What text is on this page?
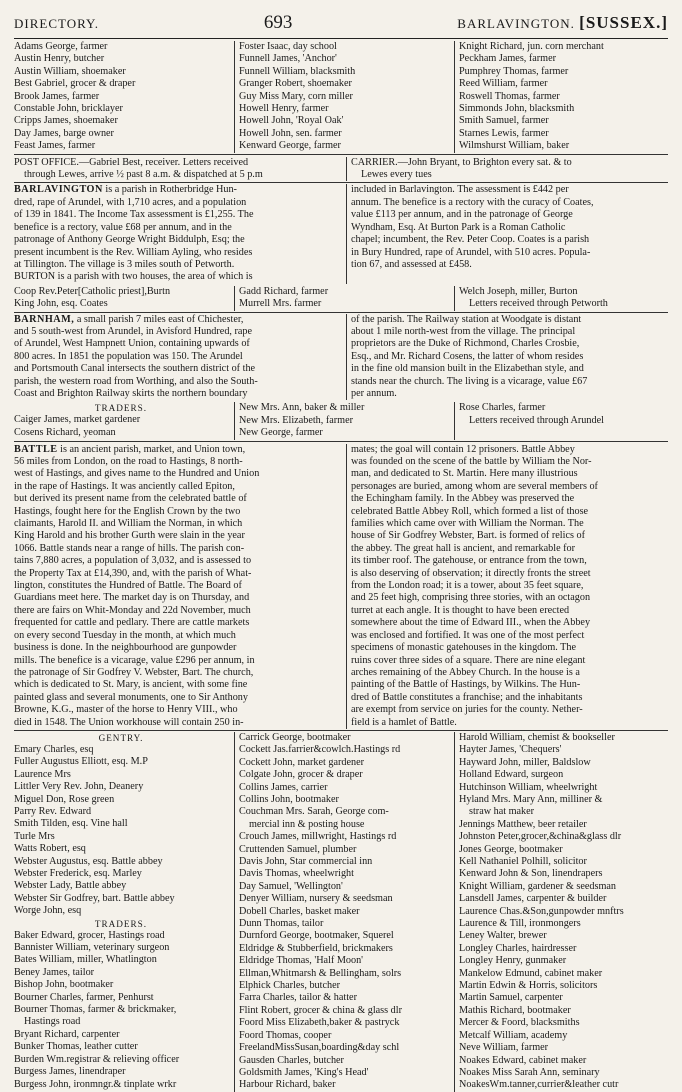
DIRECTORY.	693	BARLAVINGTON. [SUSSEX.]
Adams George, farmer
Austin Henry, butcher
Austin William, shoemaker
Best Gabriel, grocer & draper
Brook James, farmer
Constable John, bricklayer
Cripps James, shoemaker
Day James, barge owner
Feast James, farmer
Foster Isaac, day school
Funnell James, 'Anchor'
Funnell William, blacksmith
Granger Robert, shoemaker
Guy Miss Mary, corn miller
Howell Henry, farmer
Howell John, 'Royal Oak'
Howell John, sen. farmer
Kenward George, farmer
Knight Richard, jun. corn merchant
Peckham James, farmer
Pumphrey Thomas, farmer
Reed William, farmer
Roswell Thomas, farmer
Simmonds John, blacksmith
Smith Samuel, farmer
Starnes Lewis, farmer
Wilmshurst William, baker
POST OFFICE.—Gabriel Best, receiver. Letters received
through Lewes, arrive ½ past 8 a.m. & dispatched at 5 p.m
CARRIER.—John Bryant, to Brighton every sat. & to
Lewes every tues
BARLAVINGTON is a parish in Rotherbridge Hun-
dred, rape of Arundel, with 1,710 acres, and a population
of 139 in 1841. The Income Tax assessment is £1,255. The
benefice is a rectory, value £68 per annum, and in the
patronage of Anthony George Wright Biddulph, Esq; the
present incumbent is the Rev. William Ayling, who resides
at Tillington. The village is 3 miles south of Petworth.
BURTON is a parish with two houses, the area of which is
included in Barlavington. The assessment is £442 per
annum. The benefice is a rectory with the curacy of Coates,
value £113 per annum, and in the patronage of George
Wyndham, Esq. At Burton Park is a Roman Catholic
chapel; incumbent, the Rev. Peter Coop. Coates is a parish
in Bury Hundred, rape of Arundel, with 510 acres. Popula-
tion 67, and assessed at £458.
Coop Rev.Peter[Catholic priest],Burtn
King John, esq. Coates
Gadd Richard, farmer
Murrell Mrs. farmer
Welch Joseph, miller, Burton
Letters received through Petworth
BARNHAM, a small parish 7 miles east of Chichester,
and 5 south-west from Arundel, in Avisford Hundred, rape
of Arundel, West Hampnett Union, containing upwards of
800 acres. In 1851 the population was 150. The Arundel
and Portsmouth Canal intersects the southern district of the
parish, the western road from Worthing, and also the South-
Coast and Brighton Railway skirts the northern boundary
of the parish. The Railway station at Woodgate is distant
about 1 mile north-west from the village. The principal
proprietors are the Duke of Richmond, Charles Crosbie,
Esq., and Mr. Richard Cosens, the latter of whom resides
in the fine old mansion built in the Elizabethan style, and
stands near the church. The living is a vicarage, value £67
per annum.
TRADERS.
Caiger James, market gardener
Cosens Richard, yeoman
New Mrs. Ann, baker & miller
New Mrs. Elizabeth, farmer
New George, farmer
Rose Charles, farmer
Letters received through Arundel
BATTLE is an ancient parish, market, and Union town,
56 miles from London, on the road to Hastings, 8 north-
west of Hastings, and gives name to the Hundred and Union
in the rape of Hastings. It was anciently called Epiton,
but derived its present name from the celebrated battle of
Hastings, fought here for the English Crown by the two
claimants, Harold II. and William the Norman, in which
King Harold and his brother Gurth were slain in the year
1066. Battle stands near a range of hills. The parish con-
tains 7,880 acres, a population of 3,032, and is assessed to
the Property Tax at £14,390, and, with the parish of What-
lington, constitutes the Hundred of Battle. The Board of
Guardians meet here. The market day is on Thursday, and
there are fairs on Whit-Monday and 22d November, much
frequented for cattle and pedlary. There are cattle markets
on every second Tuesday in the month, at which much
business is done. In the neighbourhood are gunpowder
mills. The benefice is a vicarage, value £296 per annum, in
the patronage of Sir Godfrey V. Webster, Bart. The church,
which is dedicated to St. Mary, is ancient, with some fine
painted glass and several monuments, one to Sir Anthony
Browne, K.G., master of the horse to Henry VIII., who
died in 1548. The Union workhouse will contain 250 in-
mates; the goal will contain 12 prisoners. Battle Abbey
was founded on the scene of the battle by William the Nor-
man, and dedicated to St. Martin. Here many illustrious
personages are buried, among whom are several members of
the Echingham family. In the Abbey was preserved the
celebrated Battle Abbey Roll, which formed a list of those
families which came over with William the Norman. The
house of Sir Godfrey Webster, Bart. is formed of relics of
the abbey. The great hall is ancient, and remarkable for
its timber roof. The gatehouse, or entrance from the town,
is also deserving of observation; it directly fronts the street
from the London road; it is a tower, about 35 feet square,
and 25 feet high, comprising three stories, with an octagon
turret at each angle. It is thought to have been erected
somewhere about the time of Edward III., when the Abbey
was enclosed and fortified. It was one of the most perfect
specimens of monastic gatehouses in the kingdom. The
ruins cover three sides of a square. There are nine elegant
arches remaining of the Abbey Church. In the house is a
painting of the Battle of Hastings, by Wilkins. The Hun-
dred of Battle constitutes a franchise; and the inhabitants
are exempt from service on juries for the county. Nether-
field is a hamlet of Battle.
GENTRY.
Emary Charles, esq
Fuller Augustus Elliott, esq. M.P
Laurence Mrs
Littler Very Rev. John, Deanery
Miguel Don, Rose green
Parry Rev. Edward
Smith Tilden, esq. Vine hall
Turle Mrs
Watts Robert, esq
Webster Augustus, esq. Battle abbey
Webster Frederick, esq. Marley
Webster Lady, Battle abbey
Webster Sir Godfrey, bart. Battle abbey
Worge John, esq
TRADERS.
Baker Edward, grocer, Hastings road
Bannister William, veterinary surgeon
Bates William, miller, Whatlington
Beney James, tailor
Bishop John, bootmaker
Bourner Charles, farmer, Penhurst
Bourner Thomas, farmer & brickmaker,
Hastings road
Bryant Richard, carpenter
Bunker Thomas, leather cutter
Burden Wm.registrar & relieving officer
Burgess James, linendraper
Burgess John, ironmngr.& tinplate wrkr
Carrick George, bootmaker
Cockett Jas.farrier&cowlch.Hastings rd
Cockett John, market gardener
Colgate John, grocer & draper
Collins James, carrier
Collins John, bootmaker
Couchman Mrs. Sarah, George com-
mercial inn & posting house
Crouch James, millwright, Hastings rd
Cruttenden Samuel, plumber
Davis John, Star commercial inn
Davis Thomas, wheelwright
Day Samuel, 'Wellington'
Denyer William, nursery & seedsman
Dobell Charles, basket maker
Dunn Thomas, tailor
Durnford George, bootmaker, Squerel
Eldridge & Stubberfield, brickmakers
Eldridge Thomas, 'Half Moon'
Ellman,Whitmarsh & Bellingham, solrs
Elphick Charles, butcher
Farra Charles, tailor & hatter
Flint Robert, grocer & china & glass dlr
Foord Miss Elizabeth,baker & pastryck
Foord Thomas, cooper
FreelandMissSusan,boarding&day schl
Gausden Charles, butcher
Goldsmith James, 'King's Head'
Harbour Richard, baker
Harold William, chemist & bookseller
Hayter James, 'Chequers'
Hayward John, miller, Baldslow
Holland Edward, surgeon
Hutchinson William, wheelwright
Hyland Mrs. Mary Ann, milliner &
straw hat maker
Jennings Matthew, beer retailer
Johnston Peter,grocer,&china&glass dlr
Jones George, bootmaker
Kell Nathaniel Polhill, solicitor
Kenward John & Son, linendrapers
Knight William, gardener & seedsman
Lansdell James, carpenter & builder
Laurence Chas.&Son,gunpowder mnftrs
Laurence & Till, ironmongers
Leney Walter, brewer
Longley Charles, hairdresser
Longley Henry, gunmaker
Mankelow Edmund, cabinet maker
Martin Edwin & Horris, solicitors
Martin Samuel, carpenter
Mathis Richard, bootmaker
Mercer & Foord, blacksmiths
Metcalf William, academy
Neve William, farmer
Noakes Edward, cabinet maker
Noakes Miss Sarah Ann, seminary
NoakesWm.tanner,currier&leather cutr
